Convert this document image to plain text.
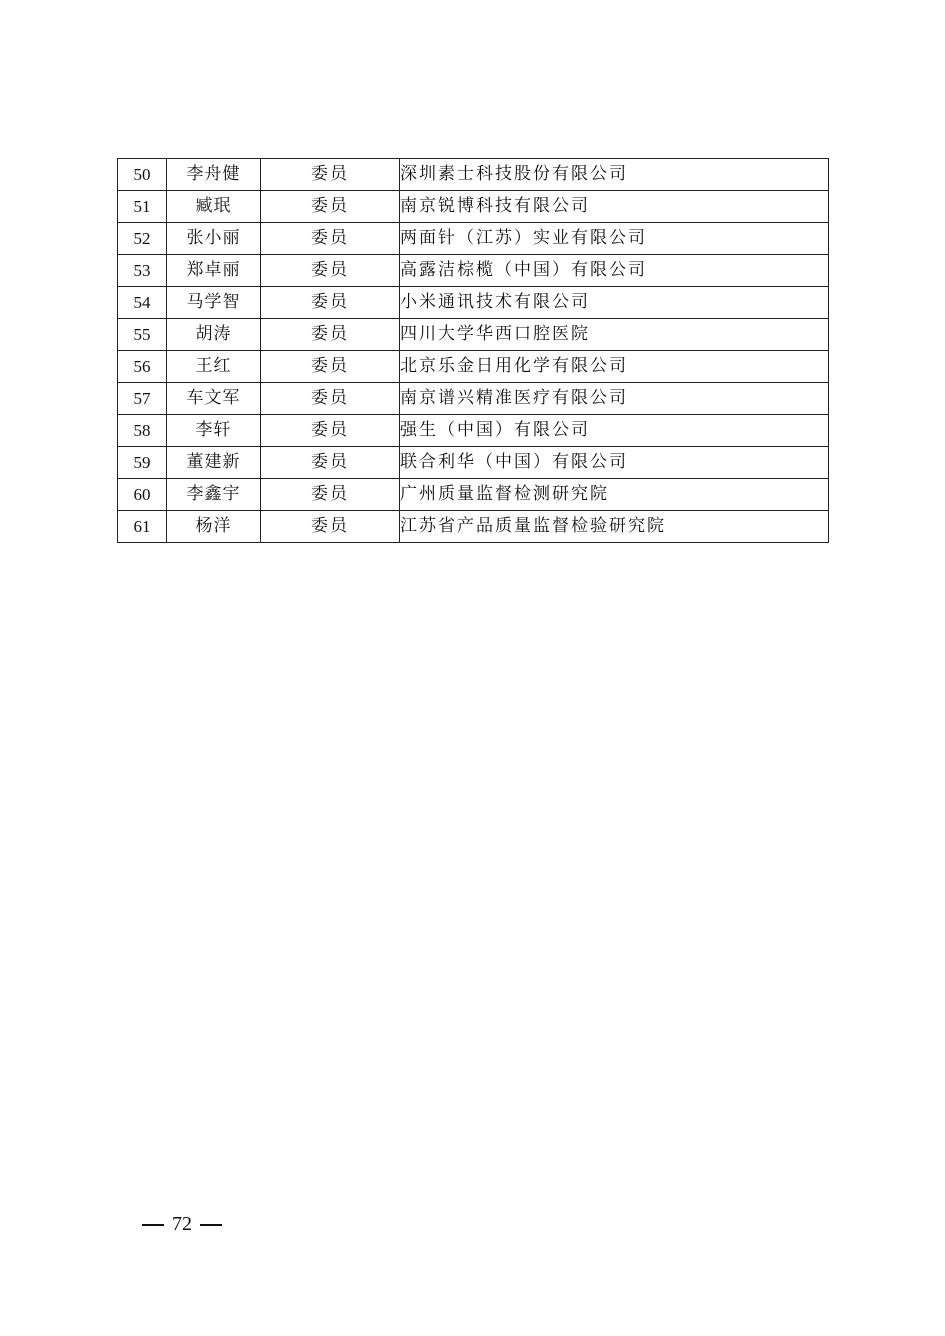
50	李舟健	委员	深圳素士科技股份有限公司
51	臧珉	委员	南京锐博科技有限公司
52	张小丽	委员	两面针（江苏）实业有限公司
53	郑卓丽	委员	高露洁棕榄（中国）有限公司
54	马学智	委员	小米通讯技术有限公司
55	胡涛	委员	四川大学华西口腔医院
56	王红	委员	北京乐金日用化学有限公司
57	车文军	委员	南京谱兴精准医疗有限公司
58	李轩	委员	强生（中国）有限公司
59	董建新	委员	联合利华（中国）有限公司
60	李鑫宇	委员	广州质量监督检测研究院
61	杨洋	委员	江苏省产品质量监督检验研究院
72
